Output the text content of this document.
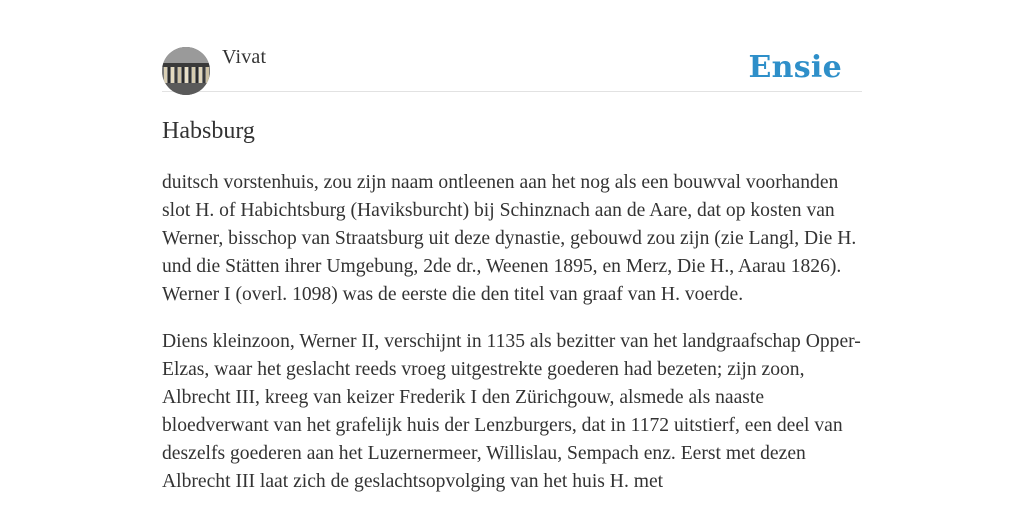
Vivat	Ensie
Habsburg

duitsch vorstenhuis, zou zijn naam ontleenen aan het nog als een bouwval voorhanden slot H. of Habichtsburg (Haviksburcht) bij Schinznach aan de Aare, dat op kosten van Werner, bisschop van Straatsburg uit deze dynastie, gebouwd zou zijn (zie Langl, Die H. und die Stätten ihrer Umgebung, 2de dr., Weenen 1895, en Merz, Die H., Aarau 1826). Werner I (overl. 1098) was de eerste die den titel van graaf van H. voerde.

Diens kleinzoon, Werner II, verschijnt in 1135 als bezitter van het landgraafschap Opper-Elzas, waar het geslacht reeds vroeg uitgestrekte goederen had bezeten; zijn zoon, Albrecht III, kreeg van keizer Frederik I den Zürichgouw, alsmede als naaste bloedverwant van het grafelijk huis der Lenzburgers, dat in 1172 uitstierf, een deel van deszelfs goederen aan het Luzernermeer, Willislau, Sempach enz. Eerst met dezen Albrecht III laat zich de geslachtsopvolging van het huis H. met
